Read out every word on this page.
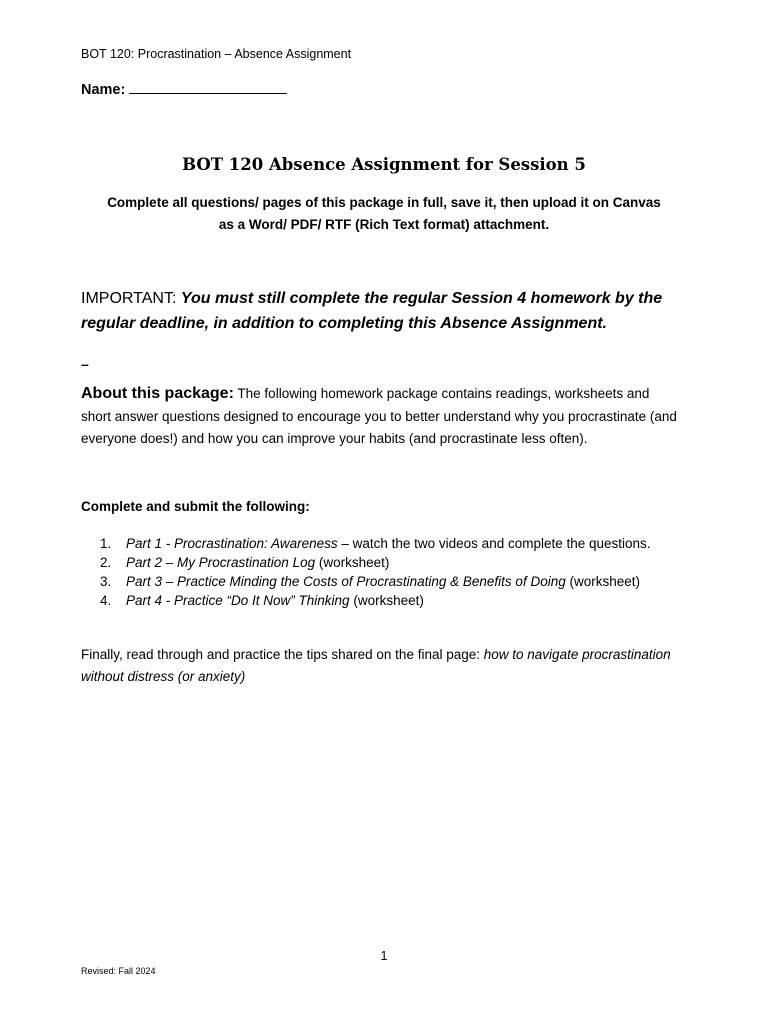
BOT 120: Procrastination – Absence Assignment
Name:
BOT 120 Absence Assignment for Session 5
Complete all questions/ pages of this package in full, save it, then upload it on Canvas
as a Word/ PDF/ RTF (Rich Text format) attachment.
IMPORTANT: You must still complete the regular Session 4 homework by the regular deadline, in addition to completing this Absence Assignment.
–
About this package: The following homework package contains readings, worksheets and short answer questions designed to encourage you to better understand why you procrastinate (and everyone does!) and how you can improve your habits (and procrastinate less often).
Complete and submit the following:
1.	Part 1 - Procrastination: Awareness – watch the two videos and complete the questions.
2.	Part 2 – My Procrastination Log (worksheet)
3.	Part 3 – Practice Minding the Costs of Procrastinating & Benefits of Doing (worksheet)
4.	Part 4 - Practice “Do It Now” Thinking (worksheet)
Finally, read through and practice the tips shared on the final page: how to navigate procrastination without distress (or anxiety)
1
Revised: Fall 2024
